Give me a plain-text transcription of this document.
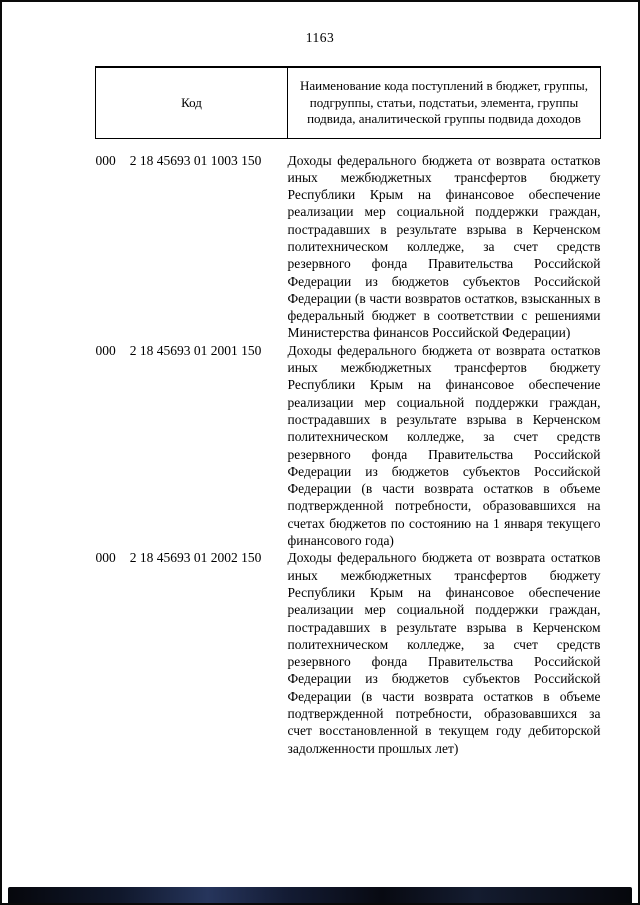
1163
Код	Наименование кода поступлений в бюджет, группы, подгруппы, статьи, подстатьи, элемента, группы подвида, аналитической группы подвида доходов
000 2 18 45693 01 1003 150	Доходы федерального бюджета от возврата остатков иных межбюджетных трансфертов бюджету Республики Крым на финансовое обеспечение реализации мер социальной поддержки граждан, пострадавших в результате взрыва в Керченском политехническом колледже, за счет средств резервного фонда Правительства Российской Федерации из бюджетов субъектов Российской Федерации (в части возвратов остатков, взысканных в федеральный бюджет в соответствии с решениями Министерства финансов Российской Федерации)
000 2 18 45693 01 2001 150	Доходы федерального бюджета от возврата остатков иных межбюджетных трансфертов бюджету Республики Крым на финансовое обеспечение реализации мер социальной поддержки граждан, пострадавших в результате взрыва в Керченском политехническом колледже, за счет средств резервного фонда Правительства Российской Федерации из бюджетов субъектов Российской Федерации (в части возврата остатков в объеме подтвержденной потребности, образовавшихся на счетах бюджетов по состоянию на 1 января текущего финансового года)
000 2 18 45693 01 2002 150	Доходы федерального бюджета от возврата остатков иных межбюджетных трансфертов бюджету Республики Крым на финансовое обеспечение реализации мер социальной поддержки граждан, пострадавших в результате взрыва в Керченском политехническом колледже, за счет средств резервного фонда Правительства Российской Федерации из бюджетов субъектов Российской Федерации (в части возврата остатков в объеме подтвержденной потребности, образовавшихся за счет восстановленной в текущем году дебиторской задолженности прошлых лет)
